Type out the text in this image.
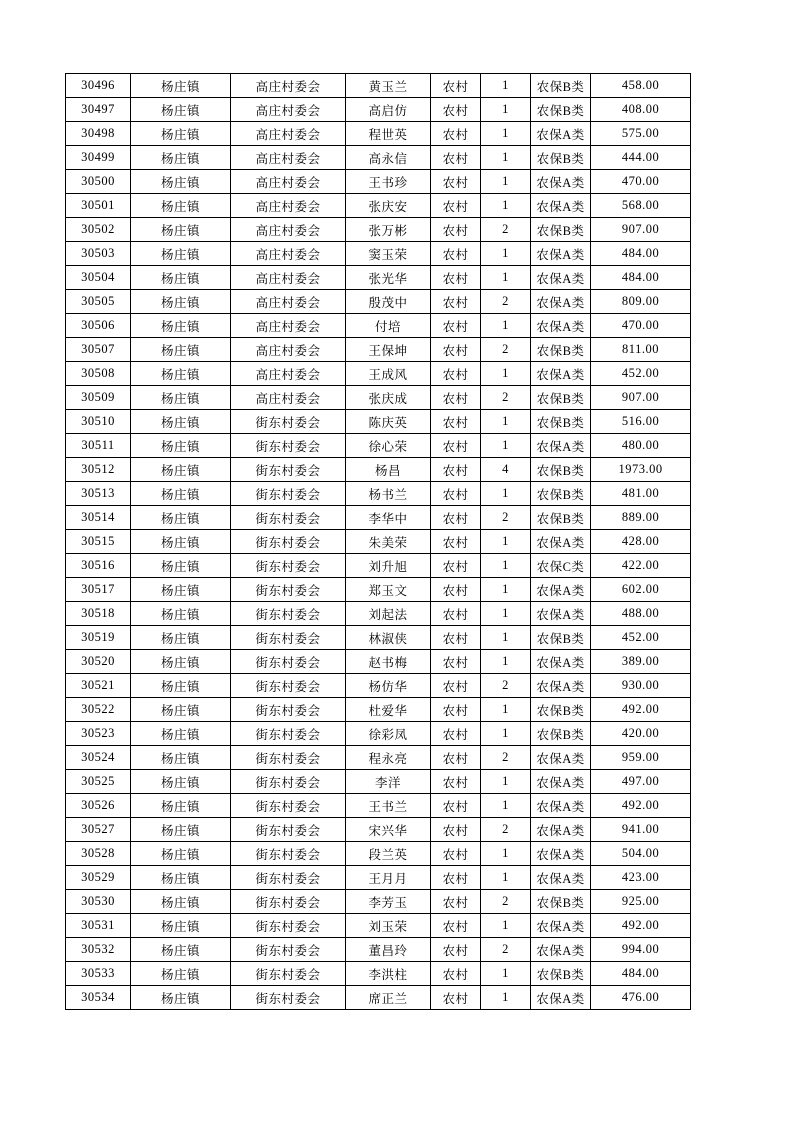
30496	杨庄镇	高庄村委会	黄玉兰	农村	1	农保B类	458.00
30497	杨庄镇	高庄村委会	高启仿	农村	1	农保B类	408.00
30498	杨庄镇	高庄村委会	程世英	农村	1	农保A类	575.00
30499	杨庄镇	高庄村委会	高永信	农村	1	农保B类	444.00
30500	杨庄镇	高庄村委会	王书珍	农村	1	农保A类	470.00
30501	杨庄镇	高庄村委会	张庆安	农村	1	农保A类	568.00
30502	杨庄镇	高庄村委会	张万彬	农村	2	农保B类	907.00
30503	杨庄镇	高庄村委会	窦玉荣	农村	1	农保A类	484.00
30504	杨庄镇	高庄村委会	张光华	农村	1	农保A类	484.00
30505	杨庄镇	高庄村委会	殷茂中	农村	2	农保A类	809.00
30506	杨庄镇	高庄村委会	付培	农村	1	农保A类	470.00
30507	杨庄镇	高庄村委会	王保坤	农村	2	农保B类	811.00
30508	杨庄镇	高庄村委会	王成风	农村	1	农保A类	452.00
30509	杨庄镇	高庄村委会	张庆成	农村	2	农保B类	907.00
30510	杨庄镇	街东村委会	陈庆英	农村	1	农保B类	516.00
30511	杨庄镇	街东村委会	徐心荣	农村	1	农保A类	480.00
30512	杨庄镇	街东村委会	杨昌	农村	4	农保B类	1973.00
30513	杨庄镇	街东村委会	杨书兰	农村	1	农保B类	481.00
30514	杨庄镇	街东村委会	李华中	农村	2	农保B类	889.00
30515	杨庄镇	街东村委会	朱美荣	农村	1	农保A类	428.00
30516	杨庄镇	街东村委会	刘升旭	农村	1	农保C类	422.00
30517	杨庄镇	街东村委会	郑玉文	农村	1	农保A类	602.00
30518	杨庄镇	街东村委会	刘起法	农村	1	农保A类	488.00
30519	杨庄镇	街东村委会	林淑侠	农村	1	农保B类	452.00
30520	杨庄镇	街东村委会	赵书梅	农村	1	农保A类	389.00
30521	杨庄镇	街东村委会	杨仿华	农村	2	农保A类	930.00
30522	杨庄镇	街东村委会	杜爱华	农村	1	农保B类	492.00
30523	杨庄镇	街东村委会	徐彩凤	农村	1	农保B类	420.00
30524	杨庄镇	街东村委会	程永亮	农村	2	农保A类	959.00
30525	杨庄镇	街东村委会	李洋	农村	1	农保A类	497.00
30526	杨庄镇	街东村委会	王书兰	农村	1	农保A类	492.00
30527	杨庄镇	街东村委会	宋兴华	农村	2	农保A类	941.00
30528	杨庄镇	街东村委会	段兰英	农村	1	农保A类	504.00
30529	杨庄镇	街东村委会	王月月	农村	1	农保A类	423.00
30530	杨庄镇	街东村委会	李芳玉	农村	2	农保B类	925.00
30531	杨庄镇	街东村委会	刘玉荣	农村	1	农保A类	492.00
30532	杨庄镇	街东村委会	董昌玲	农村	2	农保A类	994.00
30533	杨庄镇	街东村委会	李洪柱	农村	1	农保B类	484.00
30534	杨庄镇	街东村委会	席正兰	农村	1	农保A类	476.00
